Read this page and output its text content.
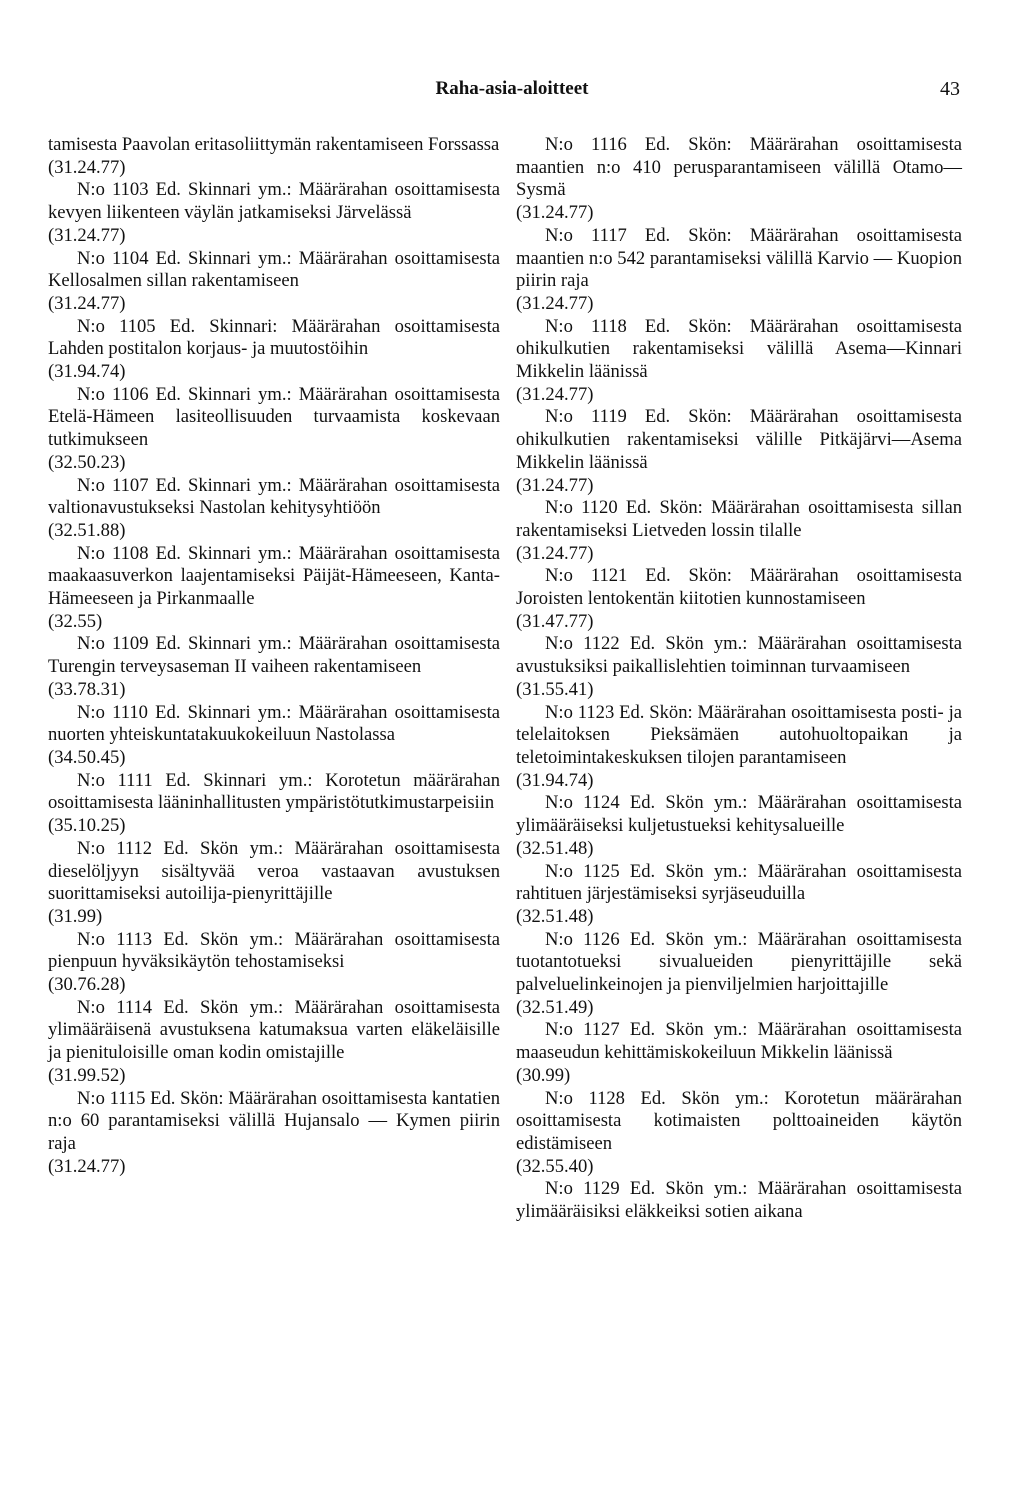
Raha-asia-aloitteet	43

tamisesta Paavolan eritasoliittymän rakentamiseen Forssassa
(31.24.77)

N:o 1103 Ed. Skinnari ym.: Määrärahan osoittamisesta kevyen liikenteen väylän jatkamiseksi Järvelässä
(31.24.77)

N:o 1104 Ed. Skinnari ym.: Määrärahan osoittamisesta Kellosalmen sillan rakentamiseen
(31.24.77)

N:o 1105 Ed. Skinnari: Määrärahan osoittamisesta Lahden postitalon korjaus- ja muutostöihin
(31.94.74)

N:o 1106 Ed. Skinnari ym.: Määrärahan osoittamisesta Etelä-Hämeen lasiteollisuuden turvaamista koskevaan tutkimukseen
(32.50.23)

N:o 1107 Ed. Skinnari ym.: Määrärahan osoittamisesta valtionavustukseksi Nastolan kehitysyhtiöön
(32.51.88)

N:o 1108 Ed. Skinnari ym.: Määrärahan osoittamisesta maakaasuverkon laajentamiseksi Päijät-Hämeeseen, Kanta-Hämeeseen ja Pirkanmaalle
(32.55)

N:o 1109 Ed. Skinnari ym.: Määrärahan osoittamisesta Turengin terveysaseman II vaiheen rakentamiseen
(33.78.31)

N:o 1110 Ed. Skinnari ym.: Määrärahan osoittamisesta nuorten yhteiskuntatakuukokeiluun Nastolassa
(34.50.45)

N:o 1111 Ed. Skinnari ym.: Korotetun määrärahan osoittamisesta lääninhallitusten ympäristötutkimustarpeisiin
(35.10.25)

N:o 1112 Ed. Skön ym.: Määrärahan osoittamisesta dieselöljyyn sisältyvää veroa vastaavan avustuksen suorittamiseksi autoilija-pienyrittäjille
(31.99)

N:o 1113 Ed. Skön ym.: Määrärahan osoittamisesta pienpuun hyväksikäytön tehostamiseksi
(30.76.28)

N:o 1114 Ed. Skön ym.: Määrärahan osoittamisesta ylimääräisenä avustuksena katumaksua varten eläkeläisille ja pienituloisille oman kodin omistajille
(31.99.52)

N:o 1115 Ed. Skön: Määrärahan osoittamisesta kantatien n:o 60 parantamiseksi välillä Hujansalo — Kymen piirin raja
(31.24.77)

N:o 1116 Ed. Skön: Määrärahan osoittamisesta maantien n:o 410 perusparantamiseen välillä Otamo—Sysmä
(31.24.77)

N:o 1117 Ed. Skön: Määrärahan osoittamisesta maantien n:o 542 parantamiseksi välillä Karvio — Kuopion piirin raja
(31.24.77)

N:o 1118 Ed. Skön: Määrärahan osoittamisesta ohikulkutien rakentamiseksi välillä Asema—Kinnari Mikkelin läänissä
(31.24.77)

N:o 1119 Ed. Skön: Määrärahan osoittamisesta ohikulkutien rakentamiseksi välille Pitkäjärvi—Asema Mikkelin läänissä
(31.24.77)

N:o 1120 Ed. Skön: Määrärahan osoittamisesta sillan rakentamiseksi Lietveden lossin tilalle
(31.24.77)

N:o 1121 Ed. Skön: Määrärahan osoittamisesta Joroisten lentokentän kiitotien kunnostamiseen
(31.47.77)

N:o 1122 Ed. Skön ym.: Määrärahan osoittamisesta avustuksiksi paikallislehtien toiminnan turvaamiseen
(31.55.41)

N:o 1123 Ed. Skön: Määrärahan osoittamisesta posti- ja telelaitoksen Pieksämäen autohuoltopaikan ja teletoimintakeskuksen tilojen parantamiseen
(31.94.74)

N:o 1124 Ed. Skön ym.: Määrärahan osoittamisesta ylimääräiseksi kuljetustueksi kehitysalueille
(32.51.48)

N:o 1125 Ed. Skön ym.: Määrärahan osoittamisesta rahtituen järjestämiseksi syrjäseuduilla
(32.51.48)

N:o 1126 Ed. Skön ym.: Määrärahan osoittamisesta tuotantotueksi sivualueiden pienyrittäjille sekä palveluelinkeinojen ja pienviljelmien harjoittajille
(32.51.49)

N:o 1127 Ed. Skön ym.: Määrärahan osoittamisesta maaseudun kehittämiskokeiluun Mikkelin läänissä
(30.99)

N:o 1128 Ed. Skön ym.: Korotetun määrärahan osoittamisesta kotimaisten polttoaineiden käytön edistämiseen
(32.55.40)

N:o 1129 Ed. Skön ym.: Määrärahan osoittamisesta ylimääräisiksi eläkkeiksi sotien aikana
